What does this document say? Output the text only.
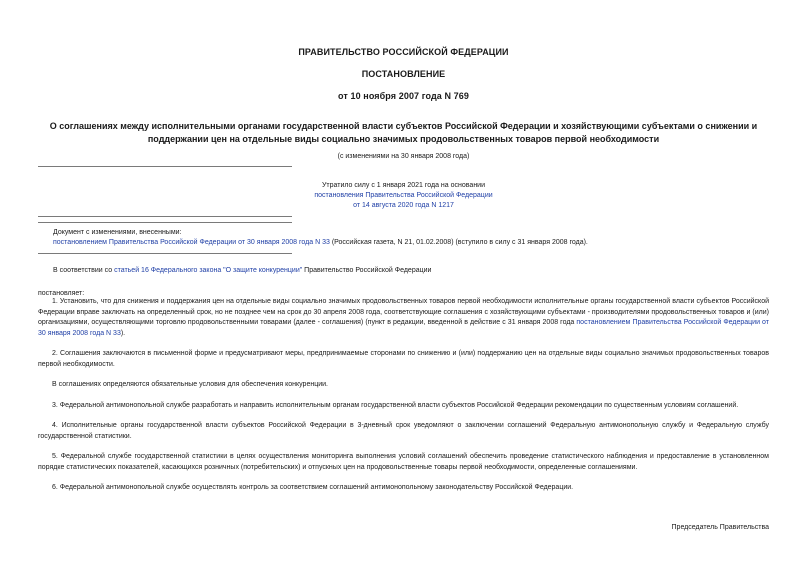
ПРАВИТЕЛЬСТВО РОССИЙСКОЙ ФЕДЕРАЦИИ
ПОСТАНОВЛЕНИЕ
от 10 ноября 2007 года N 769
О соглашениях между исполнительными органами государственной власти субъектов Российской Федерации и хозяйствующими субъектами о снижении и
поддержании цен на отдельные виды социально значимых продовольственных товаров первой необходимости
(с изменениями на 30 января 2008 года)
Утратило силу с 1 января 2021 года на основании
постановления Правительства Российской Федерации
от 14 августа 2020 года N 1217
Документ с изменениями, внесенными:
постановлением Правительства Российской Федерации от 30 января 2008 года N 33 (Российская газета, N 21, 01.02.2008) (вступило в силу с 31 января 2008 года).
В соответствии со статьей 16 Федерального закона "О защите конкуренции" Правительство Российской Федерации
постановляет:
1. Установить, что для снижения и поддержания цен на отдельные виды социально значимых продовольственных товаров первой необходимости исполнительные органы государственной власти субъектов Российской Федерации вправе заключать на определенный срок, но не позднее чем на срок до 30 апреля 2008 года, соответствующие соглашения с хозяйствующими субъектами - производителями продовольственных товаров и (или) организациями, осуществляющими торговлю продовольственными товарами (далее - соглашения) (пункт в редакции, введенной в действие с 31 января 2008 года постановлением Правительства Российской Федерации от 30 января 2008 года N 33).
2. Соглашения заключаются в письменной форме и предусматривают меры, предпринимаемые сторонами по снижению и (или) поддержанию цен на отдельные виды социально значимых продовольственных товаров первой необходимости.
В соглашениях определяются обязательные условия для обеспечения конкуренции.
3. Федеральной антимонопольной службе разработать и направить исполнительным органам государственной власти субъектов Российской Федерации рекомендации по существенным условиям соглашений.
4. Исполнительные органы государственной власти субъектов Российской Федерации в 3-дневный срок уведомляют о заключении соглашений Федеральную антимонопольную службу и Федеральную службу государственной статистики.
5. Федеральной службе государственной статистики в целях осуществления мониторинга выполнения условий соглашений обеспечить проведение статистического наблюдения и предоставление в установленном порядке статистических показателей, касающихся розничных (потребительских) и отпускных цен на продовольственные товары первой необходимости, определенные соглашениями.
6. Федеральной антимонопольной службе осуществлять контроль за соответствием соглашений антимонопольному законодательству Российской Федерации.
Председатель Правительства
